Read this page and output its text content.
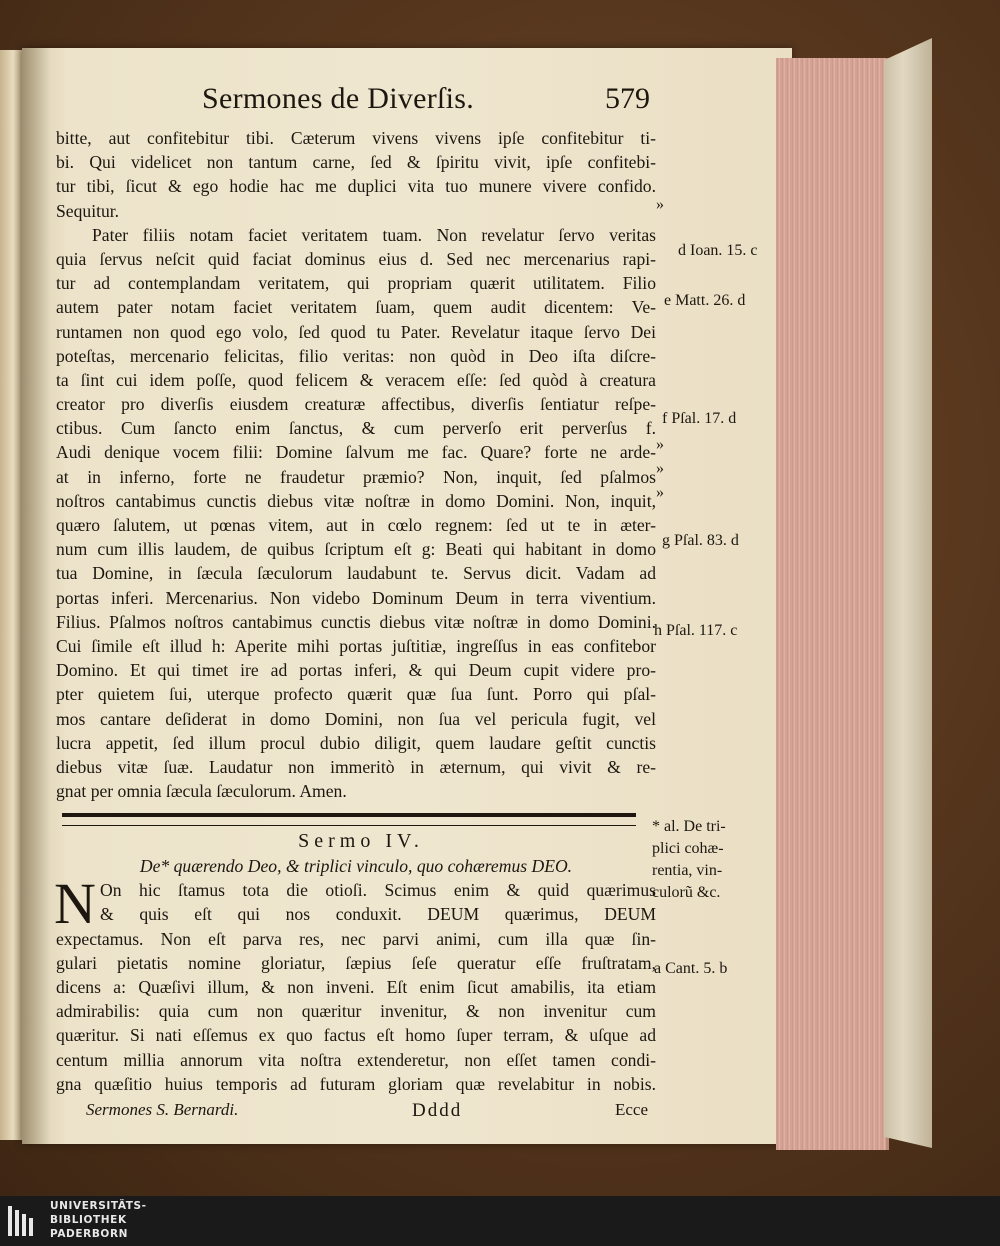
Sermones de Diverſis.	579
bitte, aut confitebitur tibi. Cæterum vivens vivens ipſe confitebitur ti-
bi. Qui videlicet non tantum carne, ſed & ſpiritu vivit, ipſe confitebi-
tur tibi, ſicut & ego hodie hac me duplici vita tuo munere vivere confido.
Sequitur.
Pater filiis notam faciet veritatem tuam. Non revelatur ſervo veritas
quia ſervus neſcit quid faciat dominus eius d. Sed nec mercenarius rapi-
tur ad contemplandam veritatem, qui propriam quærit utilitatem. Filio
autem pater notam faciet veritatem ſuam, quem audit dicentem: Ve-
runtamen non quod ego volo, ſed quod tu Pater. Revelatur itaque ſervo Dei
poteſtas, mercenario felicitas, filio veritas: non quòd in Deo iſta diſcre-
ta ſint cui idem poſſe, quod felicem & veracem eſſe: ſed quòd à creatura
creator pro diverſis eiusdem creaturæ affectibus, diverſis ſentiatur reſpe-
ctibus. Cum ſancto enim ſanctus, & cum perverſo erit perverſus f.
Audi denique vocem filii: Domine ſalvum me fac. Quare? forte ne arde-
at in inferno, forte ne fraudetur præmio? Non, inquit, ſed pſalmos
noſtros cantabimus cunctis diebus vitæ noſtræ in domo Domini. Non, inquit,
quæro ſalutem, ut pœnas vitem, aut in cœlo regnem: ſed ut te in æter-
num cum illis laudem, de quibus ſcriptum eſt g: Beati qui habitant in domo
tua Domine, in ſæcula ſæculorum laudabunt te. Servus dicit. Vadam ad
portas inferi. Mercenarius. Non videbo Dominum Deum in terra viventium.
Filius. Pſalmos noſtros cantabimus cunctis diebus vitæ noſtræ in domo Domini.
Cui ſimile eſt illud h: Aperite mihi portas juſtitiæ, ingreſſus in eas confitebor
Domino. Et qui timet ire ad portas inferi, & qui Deum cupit videre pro-
pter quietem ſui, uterque profecto quærit quæ ſua ſunt. Porro qui pſal-
mos cantare deſiderat in domo Domini, non ſua vel pericula fugit, vel
lucra appetit, ſed illum procul dubio diligit, quem laudare geſtit cunctis
diebus vitæ ſuæ. Laudatur non immeritò in æternum, qui vivit & re-
gnat per omnia ſæcula ſæculorum. Amen.
Sermo IV.
De* quærendo Deo, & triplici vinculo, quo cohæremus DEO.
N On hic ſtamus tota die otioſi. Scimus enim & quid quærimus
& quis eſt qui nos conduxit. DEUM quærimus, DEUM
expectamus. Non eſt parva res, nec parvi animi, cum illa quæ ſin-
gulari pietatis nomine gloriatur, ſæpius ſeſe queratur eſſe fruſtratam,
dicens a: Quæſivi illum, & non inveni. Eſt enim ſicut amabilis, ita etiam
admirabilis: quia cum non quæritur invenitur, & non invenitur cum
quæritur. Si nati eſſemus ex quo factus eſt homo ſuper terram, & uſque ad
centum millia annorum vita noſtra extenderetur, non eſſet tamen condi-
gna quæſitio huius temporis ad futuram gloriam quæ revelabitur in nobis.
Sermones S. Bernardi.	Dddd	Ecce
»
d Ioan. 15. c
e Matt. 26. d
f Pſal. 17. d
»
»
»
g Pſal. 83. d
h Pſal. 117. c
* al. De tri-
plici cohæ-
rentia, vin-
culorũ &c.
a Cant. 5. b
UNIVERSITÄTS-
BIBLIOTHEK
PADERBORN
